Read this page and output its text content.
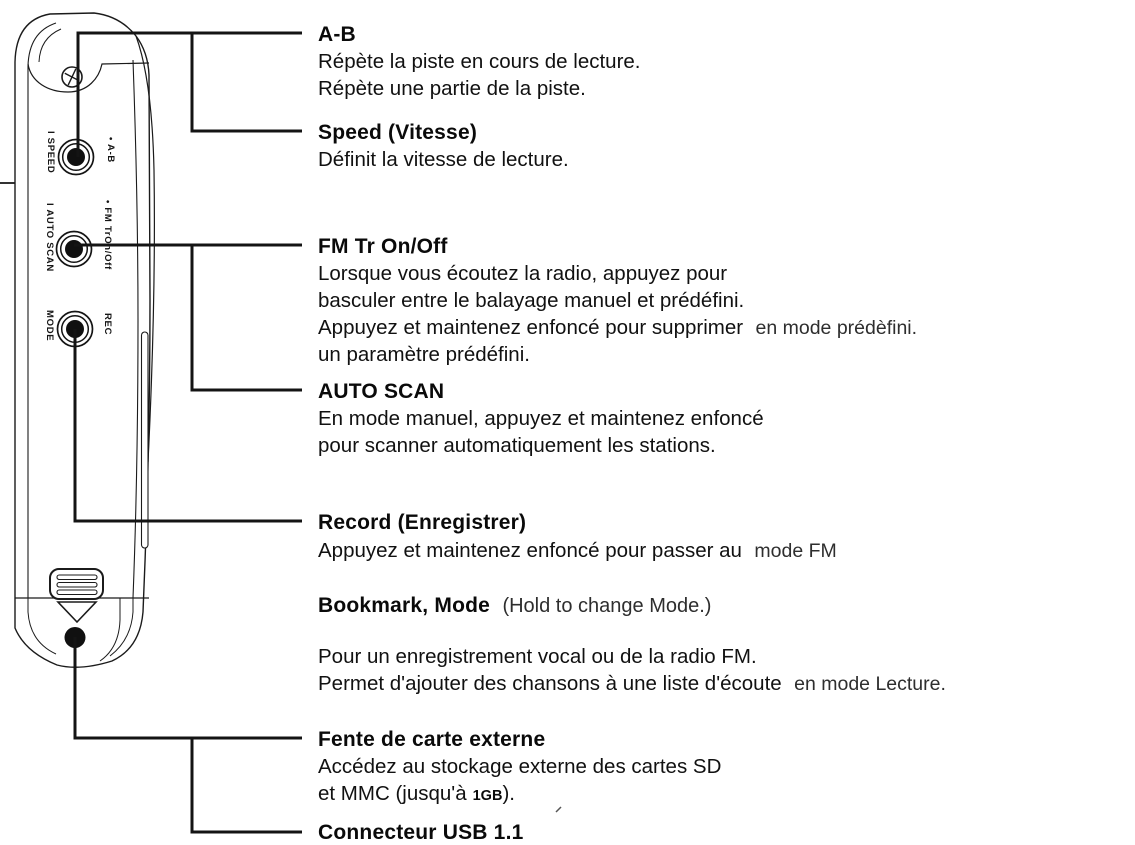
I SPEED	• A-B
I AUTO SCAN	• FM TrOn/Off
MODE	REC
A-B
Répète la piste en cours de lecture.
Répète une partie de la piste.
Speed (Vitesse)
Définit la vitesse de lecture.
FM Tr On/Off
Lorsque vous écoutez la radio, appuyez pour
basculer entre le balayage manuel et prédéfini.
Appuyez et maintenez enfoncé pour supprimer en mode prédèfini.
un paramètre prédéfini.
AUTO SCAN
En mode manuel, appuyez et maintenez enfoncé
pour scanner automatiquement les stations.
Record (Enregistrer)
Appuyez et maintenez enfoncé pour passer au mode FM
Bookmark, Mode (Hold to change Mode.)
Pour un enregistrement vocal ou de la radio FM.
Permet d'ajouter des chansons à une liste d'écoute en mode Lecture.
Fente de carte externe
Accédez au stockage externe des cartes SD
et MMC (jusqu'à 1GB).
Connecteur USB 1.1
